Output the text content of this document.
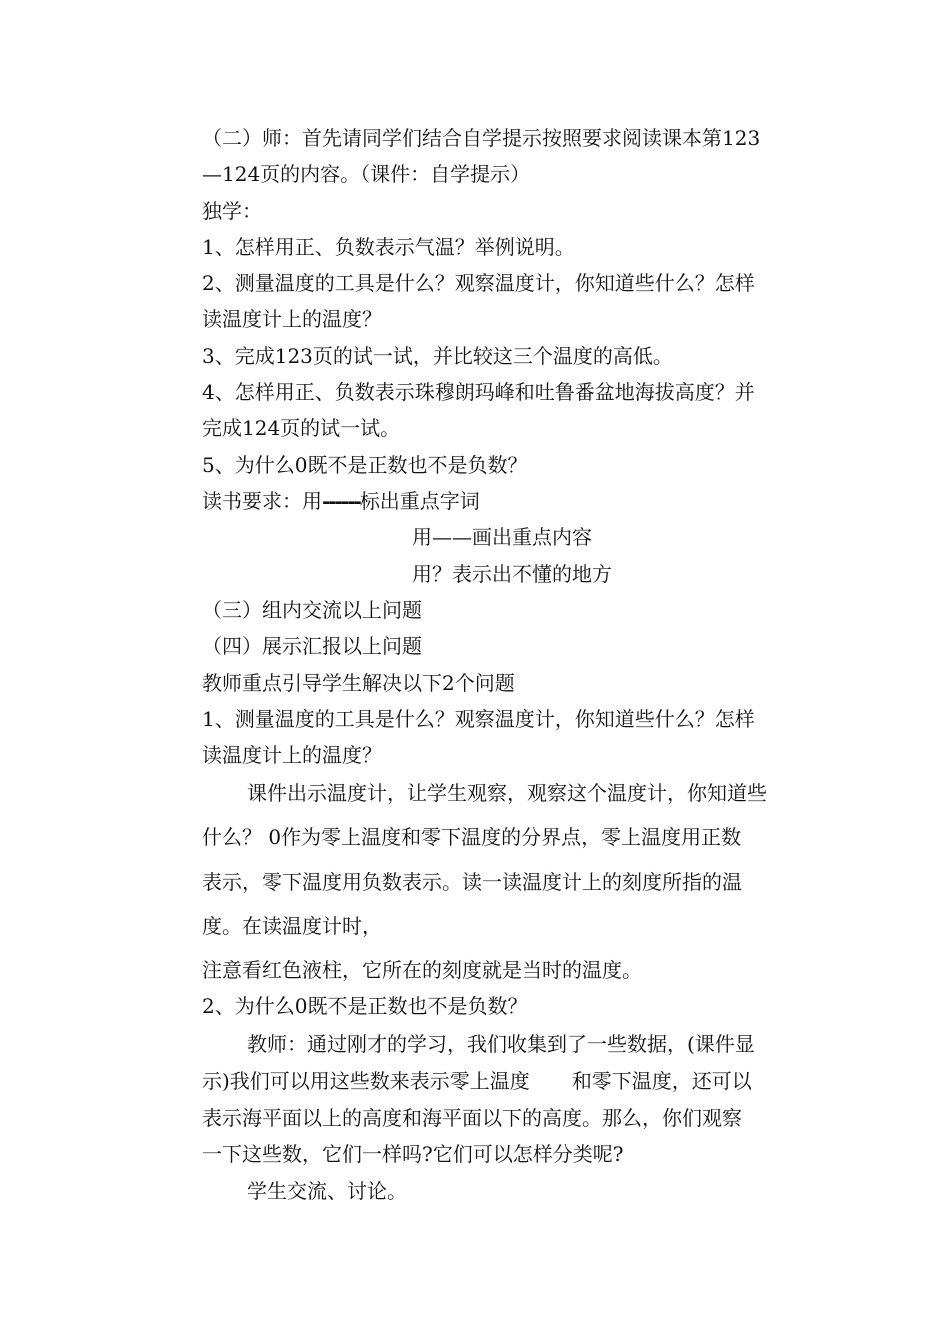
（二）师：首先请同学们结合自学提示按照要求阅读课本第123
—124页的内容。（课件：自学提示）
独学：
1、怎样用正、负数表示气温？举例说明。
2、测量温度的工具是什么？观察温度计，你知道些什么？怎样
读温度计上的温度？
3、完成123页的试一试，并比较这三个温度的高低。
4、怎样用正、负数表示珠穆朗玛峰和吐鲁番盆地海拔高度？并
完成124页的试一试。
5、为什么0既不是正数也不是负数？
读书要求：用------标出重点字词
用——画出重点内容
用？表示出不懂的地方
（三）组内交流以上问题
（四）展示汇报以上问题
教师重点引导学生解决以下2个问题
1、测量温度的工具是什么？观察温度计，你知道些什么？怎样
读温度计上的温度？
课件出示温度计，让学生观察，观察这个温度计，你知道些
什么？ 0作为零上温度和零下温度的分界点，零上温度用正数
表示，零下温度用负数表示。读一读温度计上的刻度所指的温
度。在读温度计时，
注意看红色液柱，它所在的刻度就是当时的温度。
2、为什么0既不是正数也不是负数？
教师：通过刚才的学习，我们收集到了一些数据，(课件显
示)我们可以用这些数来表示零上温度 和零下温度，还可以
表示海平面以上的高度和海平面以下的高度。那么，你们观察
一下这些数，它们一样吗?它们可以怎样分类呢?
学生交流、讨论。
